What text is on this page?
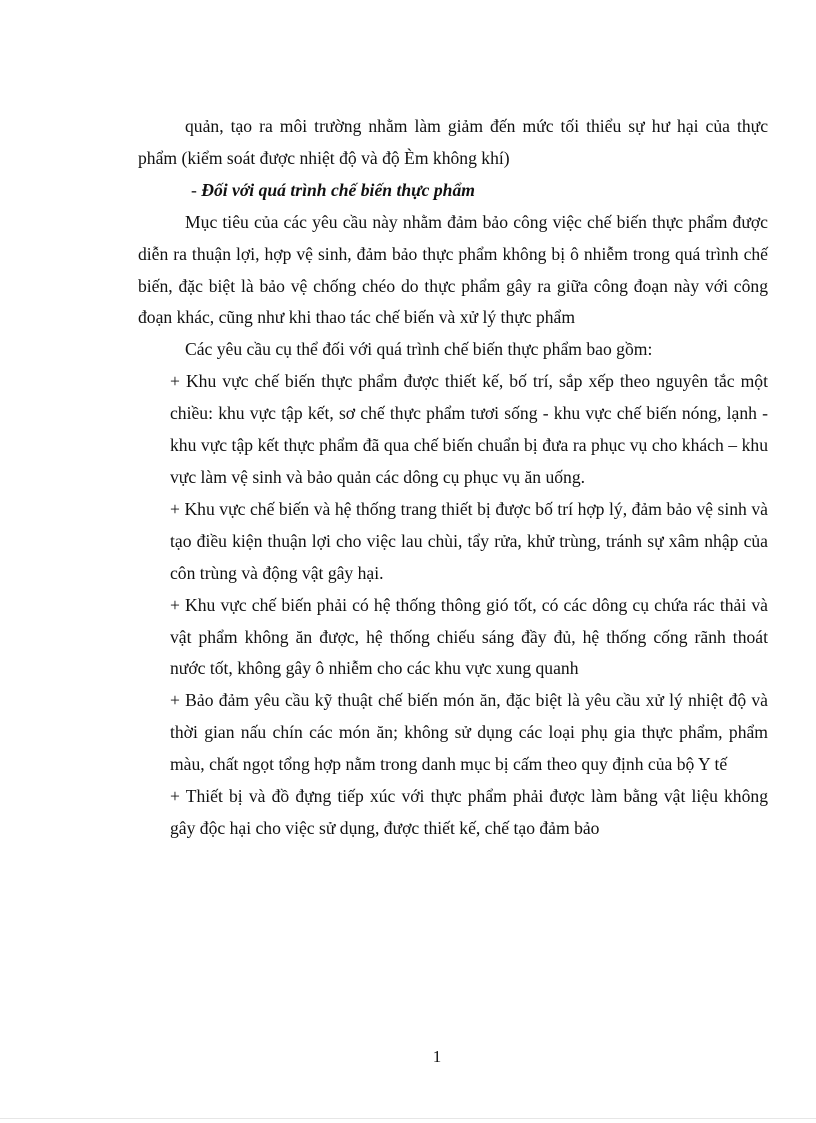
quản, tạo ra môi trường nhằm làm giảm đến mức tối thiểu sự hư hại của thực phẩm (kiểm soát được nhiệt độ và độ Èm không khí)

- Đối với quá trình chế biến thực phẩm

Mục tiêu của các yêu cầu này nhằm đảm bảo công việc chế biến thực phẩm được diễn ra thuận lợi, hợp vệ sinh, đảm bảo thực phẩm không bị ô nhiễm trong quá trình chế biến, đặc biệt là bảo vệ chống chéo do thực phẩm gây ra giữa công đoạn này với công đoạn khác, cũng như khi thao tác chế biến và xử lý thực phẩm

Các yêu cầu cụ thể đối với quá trình chế biến thực phẩm bao gồm:

+ Khu vực chế biến thực phẩm được thiết kế, bố trí, sắp xếp theo nguyên tắc một chiều: khu vực tập kết, sơ chế thực phẩm tươi sống - khu vực chế biến nóng, lạnh - khu vực tập kết thực phẩm đã qua chế biến chuẩn bị đưa ra phục vụ cho khách – khu vực làm vệ sinh và bảo quản các dông cụ phục vụ ăn uống.

+ Khu vực chế biến và hệ thống trang thiết bị được bố trí hợp lý, đảm bảo vệ sinh và tạo điều kiện thuận lợi cho việc lau chùi, tẩy rửa, khử trùng, tránh sự xâm nhập của côn trùng và động vật gây hại.

+ Khu vực chế biến phải có hệ thống thông gió tốt, có các dông cụ chứa rác thải và vật phẩm không ăn được, hệ thống chiếu sáng đầy đủ, hệ thống cống rãnh thoát nước tốt, không gây ô nhiễm cho các khu vực xung quanh

+ Bảo đảm yêu cầu kỹ thuật chế biến món ăn, đặc biệt là yêu cầu xử lý nhiệt độ và thời gian nấu chín các món ăn; không sử dụng các loại phụ gia thực phẩm, phẩm màu, chất ngọt tổng hợp nằm trong danh mục bị cấm theo quy định của bộ Y tế

+ Thiết bị và đồ đựng tiếp xúc với thực phẩm phải được làm bằng vật liệu không gây độc hại cho việc sử dụng, được thiết kế, chế tạo đảm bảo

1
